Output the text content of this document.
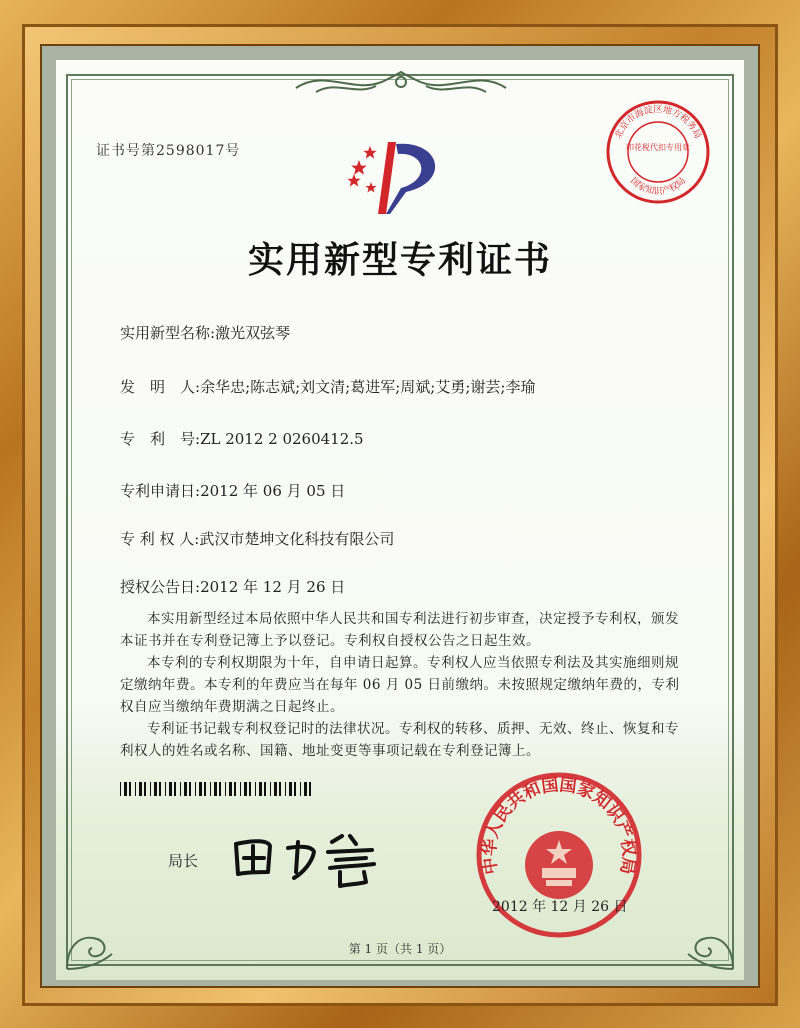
证书号第2598017号
实用新型专利证书
北京市海淀区地方税务局
印花税代扣专用章
国家知识产权局
实用新型名称:激光双弦琴
发　明　人:余华忠;陈志斌;刘文清;葛进军;周斌;艾勇;谢芸;李瑜
专　利　号:ZL 2012 2 0260412.5
专利申请日:2012 年 06 月 05 日
专 利 权 人:武汉市楚坤文化科技有限公司
授权公告日:2012 年 12 月 26 日

本实用新型经过本局依照中华人民共和国专利法进行初步审查，决定授予专利权，颁发本证书并在专利登记簿上予以登记。专利权自授权公告之日起生效。

本专利的专利权期限为十年，自申请日起算。专利权人应当依照专利法及其实施细则规定缴纳年费。本专利的年费应当在每年 06 月 05 日前缴纳。未按照规定缴纳年费的，专利权自应当缴纳年费期满之日起终止。

专利证书记载专利权登记时的法律状况。专利权的转移、质押、无效、终止、恢复和专利权人的姓名或名称、国籍、地址变更等事项记载在专利登记簿上。

局长	中华人民共和国国家知识产权局
2012 年 12 月 26 日
第 1 页（共 1 页）
